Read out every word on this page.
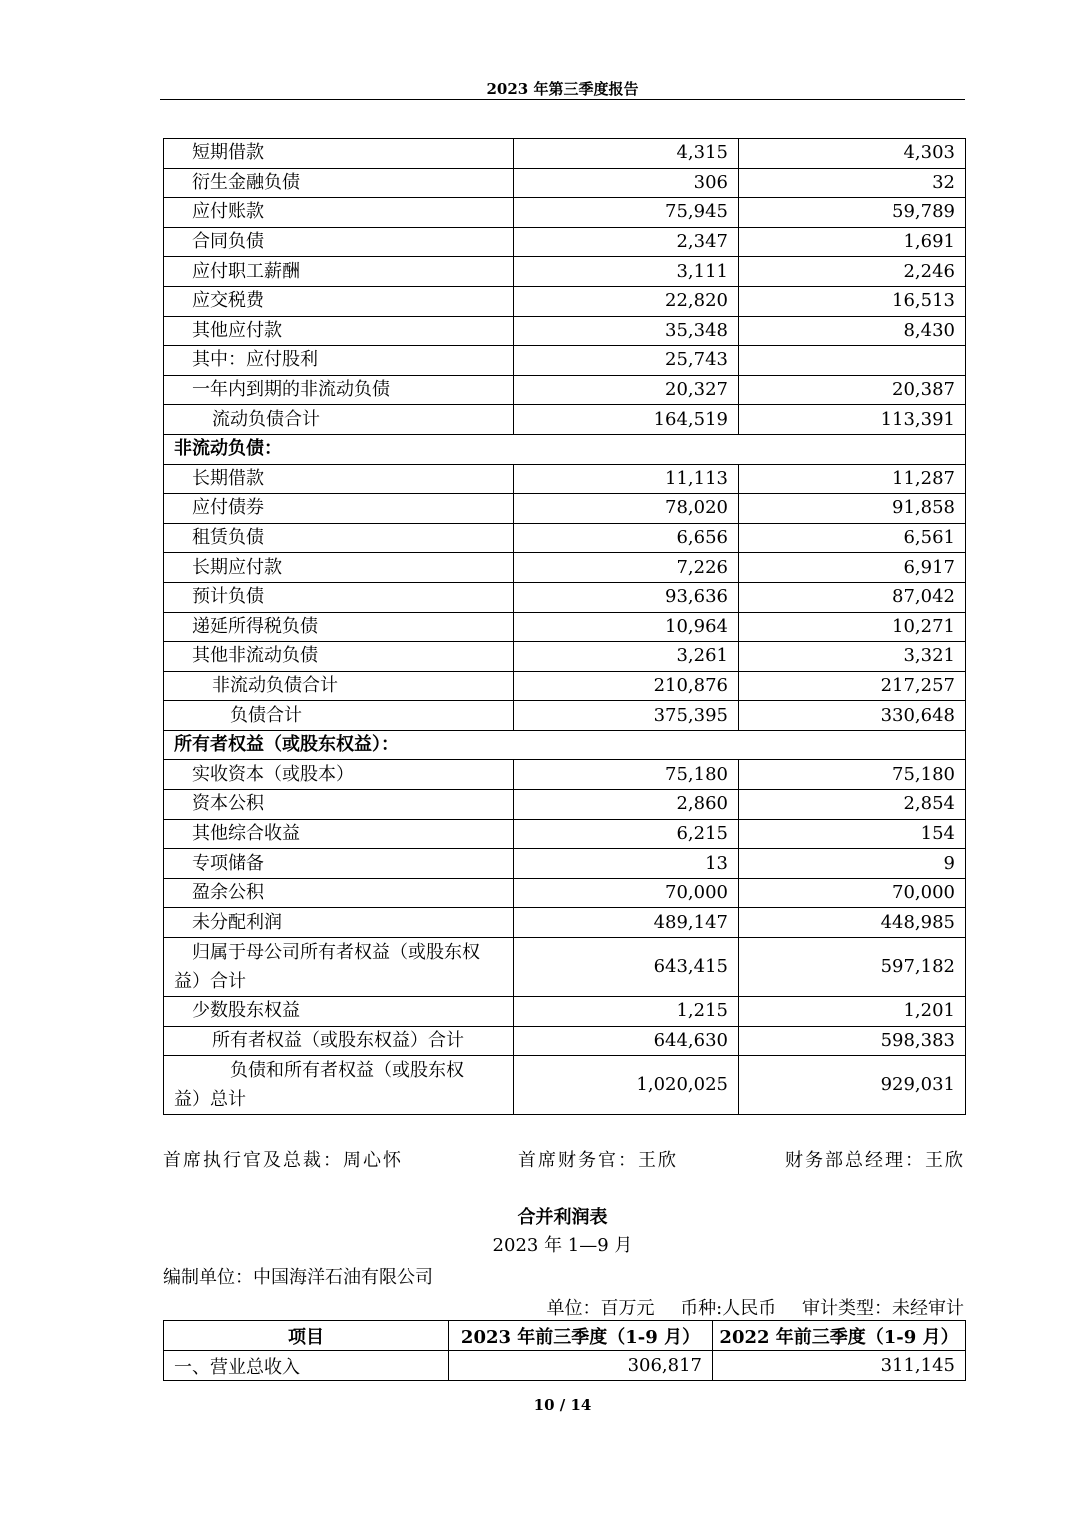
2023 年第三季度报告
短期借款	4,315	4,303
衍生金融负债	306	32
应付账款	75,945	59,789
合同负债	2,347	1,691
应付职工薪酬	3,111	2,246
应交税费	22,820	16,513
其他应付款	35,348	8,430
其中：应付股利	25,743	
一年内到期的非流动负债	20,327	20,387
流动负债合计	164,519	113,391
非流动负债：		
长期借款	11,113	11,287
应付债券	78,020	91,858
租赁负债	6,656	6,561
长期应付款	7,226	6,917
预计负债	93,636	87,042
递延所得税负债	10,964	10,271
其他非流动负债	3,261	3,321
非流动负债合计	210,876	217,257
负债合计	375,395	330,648
所有者权益（或股东权益）：		
实收资本（或股本）	75,180	75,180
资本公积	2,860	2,854
其他综合收益	6,215	154
专项储备	13	9
盈余公积	70,000	70,000
未分配利润	489,147	448,985

归属于母公司所有者权益（或股东权
益）合计	643,415	597,182
少数股东权益	1,215	1,201
所有者权益（或股东权益）合计	644,630	598,383

负债和所有者权益（或股东权
益）总计	1,020,025	929,031
首席执行官及总裁：周心怀	首席财务官：王欣	财务部总经理：王欣
合并利润表
2023 年 1—9 月
编制单位：中国海洋石油有限公司
单位：百万元 币种:人民币 审计类型：未经审计
项目	2023 年前三季度（1-9 月）	2022 年前三季度（1-9 月）
一、营业总收入	306,817	311,145
10 / 14
